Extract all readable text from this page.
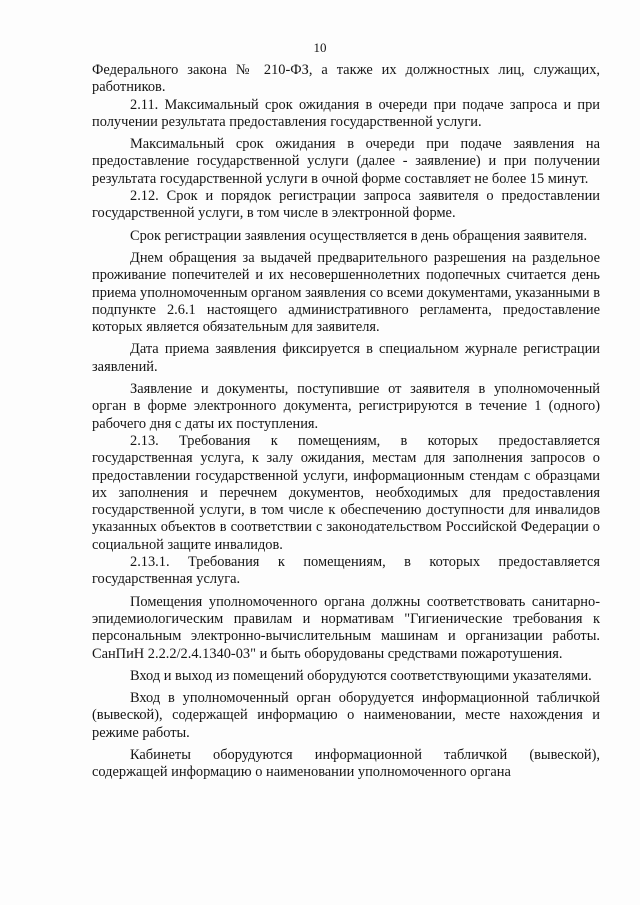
10

Федерального закона № 210-ФЗ, а также их должностных лиц, служащих, работников.

2.11. Максимальный срок ожидания в очереди при подаче запроса и при получении результата предоставления государственной услуги.

Максимальный срок ожидания в очереди при подаче заявления на предоставление государственной услуги (далее - заявление) и при получении результата государственной услуги в очной форме составляет не более 15 минут.

2.12. Срок и порядок регистрации запроса заявителя о предоставлении государственной услуги, в том числе в электронной форме.

Срок регистрации заявления осуществляется в день обращения заявителя.

Днем обращения за выдачей предварительного разрешения на раздельное проживание попечителей и их несовершеннолетних подопечных считается день приема уполномоченным органом заявления со всеми документами, указанными в подпункте 2.6.1 настоящего административного регламента, предоставление которых является обязательным для заявителя.

Дата приема заявления фиксируется в специальном журнале регистрации заявлений.

Заявление и документы, поступившие от заявителя в уполномоченный орган в форме электронного документа, регистрируются в течение 1 (одного) рабочего дня с даты их поступления.

2.13. Требования к помещениям, в которых предоставляется государственная услуга, к залу ожидания, местам для заполнения запросов о предоставлении государственной услуги, информационным стендам с образцами их заполнения и перечнем документов, необходимых для предоставления государственной услуги, в том числе к обеспечению доступности для инвалидов указанных объектов в соответствии с законодательством Российской Федерации о социальной защите инвалидов.

2.13.1. Требования к помещениям, в которых предоставляется государственная услуга.

Помещения уполномоченного органа должны соответствовать санитарно-эпидемиологическим правилам и нормативам "Гигиенические требования к персональным электронно-вычислительным машинам и организации работы. СанПиН 2.2.2/2.4.1340-03" и быть оборудованы средствами пожаротушения.

Вход и выход из помещений оборудуются соответствующими указателями.

Вход в уполномоченный орган оборудуется информационной табличкой (вывеской), содержащей информацию о наименовании, месте нахождения и режиме работы.

Кабинеты оборудуются информационной табличкой (вывеской), содержащей информацию о наименовании уполномоченного органа
